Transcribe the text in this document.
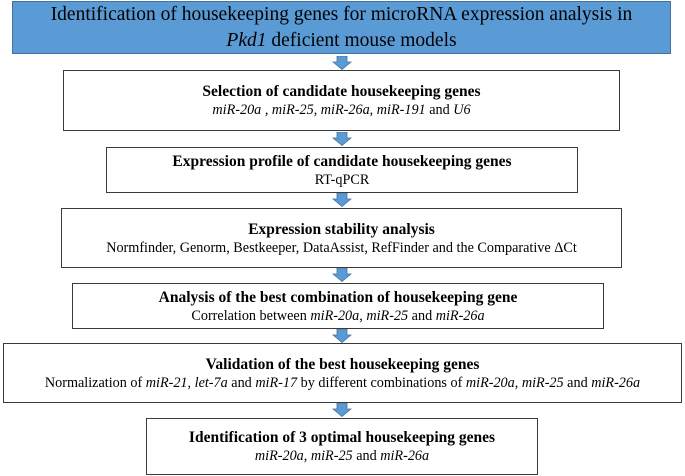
Identification of housekeeping genes for microRNA expression analysis in
Pkd1 deficient mouse models
Selection of candidate housekeeping genes
miR-20a , miR-25, miR-26a, miR-191 and U6
Expression profile of candidate housekeeping genes
RT-qPCR
Expression stability analysis
Normfinder, Genorm, Bestkeeper, DataAssist, RefFinder and the Comparative ΔCt
Analysis of the best combination of housekeeping gene
Correlation between miR-20a, miR-25 and miR-26a
Validation of the best housekeeping genes
Normalization of miR-21, let-7a and miR-17 by different combinations of miR-20a, miR-25 and miR-26a
Identification of 3 optimal housekeeping genes
miR-20a, miR-25 and miR-26a
